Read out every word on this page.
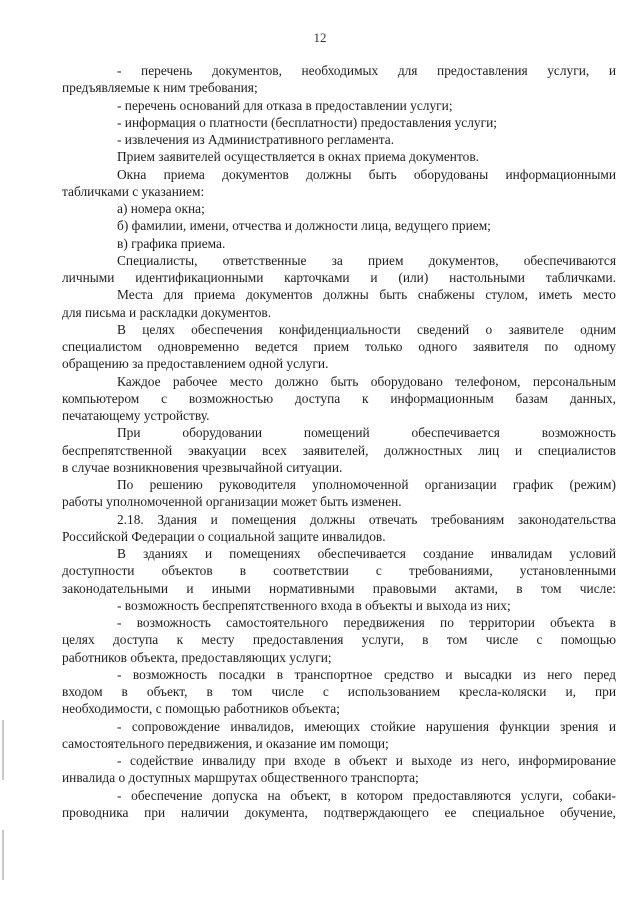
12
- перечень документов, необходимых для предоставления услуги, и
предъявляемые к ним требования;
- перечень оснований для отказа в предоставлении услуги;
- информация о платности (бесплатности) предоставления услуги;
- извлечения из Административного регламента.
Прием заявителей осуществляется в окнах приема документов.
Окна приема документов должны быть оборудованы информационными
табличками с указанием:
а) номера окна;
б) фамилии, имени, отчества и должности лица, ведущего прием;
в) графика приема.
Специалисты, ответственные за прием документов, обеспечиваются
личными идентификационными карточками и (или) настольными табличками.
Места для приема документов должны быть снабжены стулом, иметь место
для письма и раскладки документов.
В целях обеспечения конфиденциальности сведений о заявителе одним
специалистом одновременно ведется прием только одного заявителя по одному
обращению за предоставлением одной услуги.
Каждое рабочее место должно быть оборудовано телефоном, персональным
компьютером с возможностью доступа к информационным базам данных,
печатающему устройству.
При оборудовании помещений обеспечивается возможность
беспрепятственной эвакуации всех заявителей, должностных лиц и специалистов
в случае возникновения чрезвычайной ситуации.
По решению руководителя уполномоченной организации график (режим)
работы уполномоченной организации может быть изменен.
2.18. Здания и помещения должны отвечать требованиям законодательства
Российской Федерации о социальной защите инвалидов.
В зданиях и помещениях обеспечивается создание инвалидам условий
доступности объектов в соответствии с требованиями, установленными
законодательными и иными нормативными правовыми актами, в том числе:
- возможность беспрепятственного входа в объекты и выхода из них;
- возможность самостоятельного передвижения по территории объекта в
целях доступа к месту предоставления услуги, в том числе с помощью
работников объекта, предоставляющих услуги;
- возможность посадки в транспортное средство и высадки из него перед
входом в объект, в том числе с использованием кресла-коляски и, при
необходимости, с помощью работников объекта;
- сопровождение инвалидов, имеющих стойкие нарушения функции зрения и
самостоятельного передвижения, и оказание им помощи;
- содействие инвалиду при входе в объект и выходе из него, информирование
инвалида о доступных маршрутах общественного транспорта;
- обеспечение допуска на объект, в котором предоставляются услуги, собаки-
проводника при наличии документа, подтверждающего ее специальное обучение,
